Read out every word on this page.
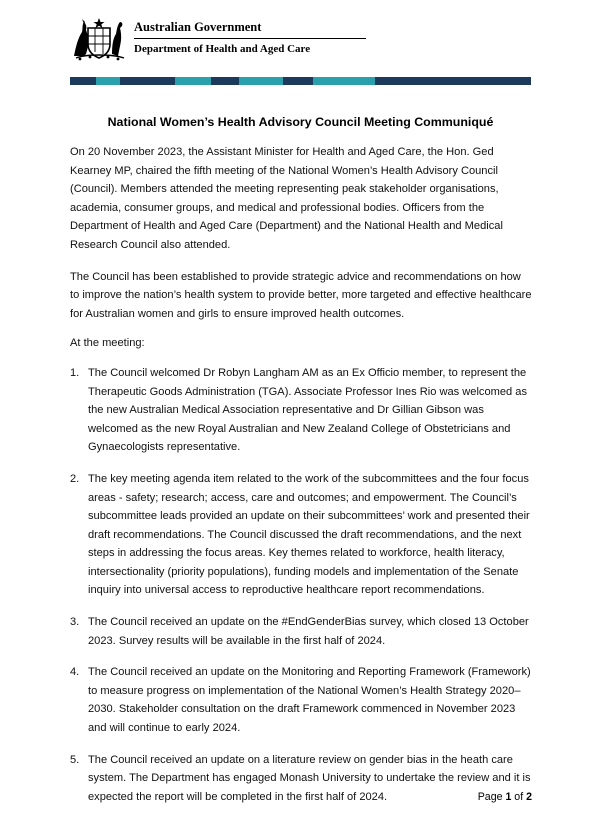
Australian Government
Department of Health and Aged Care
National Women’s Health Advisory Council Meeting Communiqué

On 20 November 2023, the Assistant Minister for Health and Aged Care, the Hon. Ged Kearney MP, chaired the fifth meeting of the National Women’s Health Advisory Council (Council). Members attended the meeting representing peak stakeholder organisations, academia, consumer groups, and medical and professional bodies. Officers from the Department of Health and Aged Care (Department) and the National Health and Medical Research Council also attended.

The Council has been established to provide strategic advice and recommendations on how to improve the nation’s health system to provide better, more targeted and effective healthcare for Australian women and girls to ensure improved health outcomes.

At the meeting:

1. The Council welcomed Dr Robyn Langham AM as an Ex Officio member, to represent the Therapeutic Goods Administration (TGA). Associate Professor Ines Rio was welcomed as the new Australian Medical Association representative and Dr Gillian Gibson was welcomed as the new Royal Australian and New Zealand College of Obstetricians and Gynaecologists representative.

2. The key meeting agenda item related to the work of the subcommittees and the four focus areas - safety; research; access, care and outcomes; and empowerment. The Council’s subcommittee leads provided an update on their subcommittees’ work and presented their draft recommendations. The Council discussed the draft recommendations, and the next steps in addressing the focus areas. Key themes related to workforce, health literacy, intersectionality (priority populations), funding models and implementation of the Senate inquiry into universal access to reproductive healthcare report recommendations.

3. The Council received an update on the #EndGenderBias survey, which closed 13 October 2023. Survey results will be available in the first half of 2024.

4. The Council received an update on the Monitoring and Reporting Framework (Framework) to measure progress on implementation of the National Women’s Health Strategy 2020–2030. Stakeholder consultation on the draft Framework commenced in November 2023 and will continue to early 2024.

5. The Council received an update on a literature review on gender bias in the heath care system. The Department has engaged Monash University to undertake the review and it is expected the report will be completed in the first half of 2024.	Page 1 of 2
